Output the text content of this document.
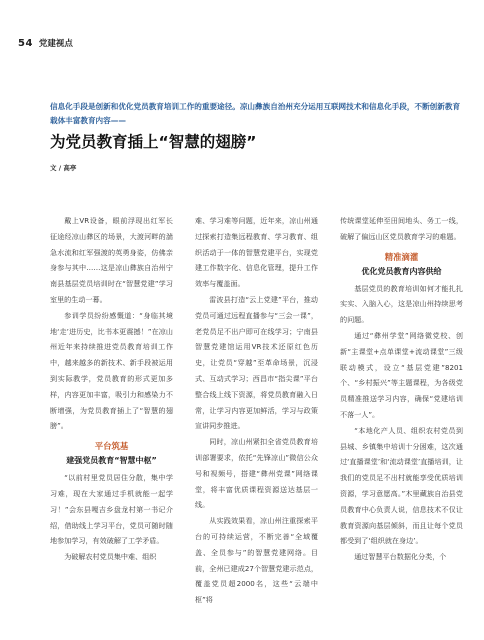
54 党建视点
信息化手段是创新和优化党员教育培训工作的重要途径。凉山彝族自治州充分运用互联网技术和信息化手段，不断创新教育载体丰富教育内容——
为党员教育插上“智慧的翅膀”
文 / 高亭

戴上VR设备，眼前浮现出红军长征途经凉山彝区的场景，大渡河畔的湍急水流和红军强渡的英勇身姿，仿佛亲身参与其中……这是凉山彝族自治州宁南县基层党员培训时在“智慧党建”学习室里的生动一幕。

参训学员纷纷感慨道：“身临其境地‘走’进历史，比书本更震撼！”在凉山州近年来持续推进党员教育培训工作中，越来越多的新技术、新手段被运用到实际教学，党员教育的形式更加多样，内容更加丰富，吸引力和感染力不断增强，为党员教育插上了“智慧的翅膀”。

平台筑基
建强党员教育“智慧中枢”

“以前村里党员居住分散，集中学习难，现在大家通过手机就能一起学习！”会东县嘎吉乡盘龙村第一书记介绍，借助线上学习平台，党员可随时随地参加学习，有效破解了工学矛盾。

为破解农村党员集中难、组织

难、学习难等问题，近年来，凉山州通过探索打造集远程教育、学习教育、组织活动于一体的智慧党建平台，实现党建工作数字化、信息化管理，提升工作效率与覆盖面。

雷波县打造“云上党建”平台，推动党员可通过远程直播参与“三会一课”，老党员足不出户即可在线学习；宁南县智慧党建馆运用VR技术还原红色历史，让党员“穿越”至革命场景，沉浸式、互动式学习；西昌市“指尖课”平台整合线上线下资源，将党员教育融入日常，让学习内容更加鲜活，学习与政策宣讲同步推进。

同时，凉山州紧扣全省党员教育培训部署要求，依托“先锋凉山”微信公众号和视频号，搭建“彝州党课”网络课堂，将丰富优质课程资源送达基层一线。

从实践效果看，凉山州注重探索平台的可持续运营，不断完善“全域覆盖、全员参与”的智慧党建网络。目前，全州已建成27个智慧党建示范点，覆盖党员超2000名，这些“云端中枢”将

传统课堂延伸至田间地头、务工一线，破解了偏远山区党员教育学习的难题。

精准滴灌
优化党员教育内容供给

基层党员的教育培训如何才能扎扎实实、入脑入心，这是凉山州持续思考的问题。

通过“彝州学堂”网络微党校、创新“主课堂+点单课堂+流动课堂”三级联动模式，设立“基层党建”8201个、“乡村振兴”等主题课程，为各级党员精准推送学习内容，确保“党建培训不落一人”。

“本地化产人员、组织农村党员到县城、乡镇集中培训十分困难，这次通过‘直播课堂’和‘流动课堂’直播培训，让我们的党员足不出村就能享受优质培训资源，学习意愿高。”木里藏族自治县党员教育中心负责人说，信息技术不仅让教育资源向基层倾斜，而且让每个党员都受到了‘组织就在身边’。

通过智慧平台数据化分类，个
